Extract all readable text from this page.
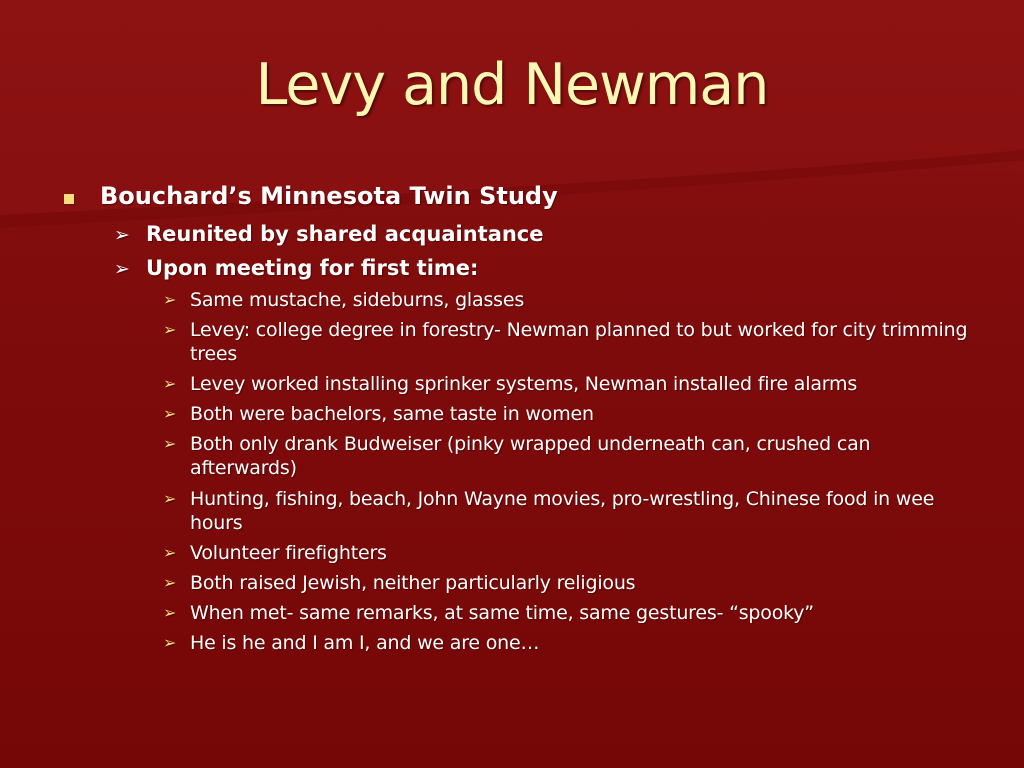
Levy and Newman
Bouchard’s Minnesota Twin Study
➢ Reunited by shared acquaintance
➢ Upon meeting for first time:
➢ Same mustache, sideburns, glasses
➢ Levey: college degree in forestry- Newman planned to but worked for city trimming trees
➢ Levey worked installing sprinker systems, Newman installed fire alarms
➢ Both were bachelors, same taste in women
➢ Both only drank Budweiser (pinky wrapped underneath can, crushed can afterwards)
➢ Hunting, fishing, beach, John Wayne movies, pro-wrestling, Chinese food in wee hours
➢ Volunteer firefighters
➢ Both raised Jewish, neither particularly religious
➢ When met- same remarks, at same time, same gestures- “spooky”
➢ He is he and I am I, and we are one…
